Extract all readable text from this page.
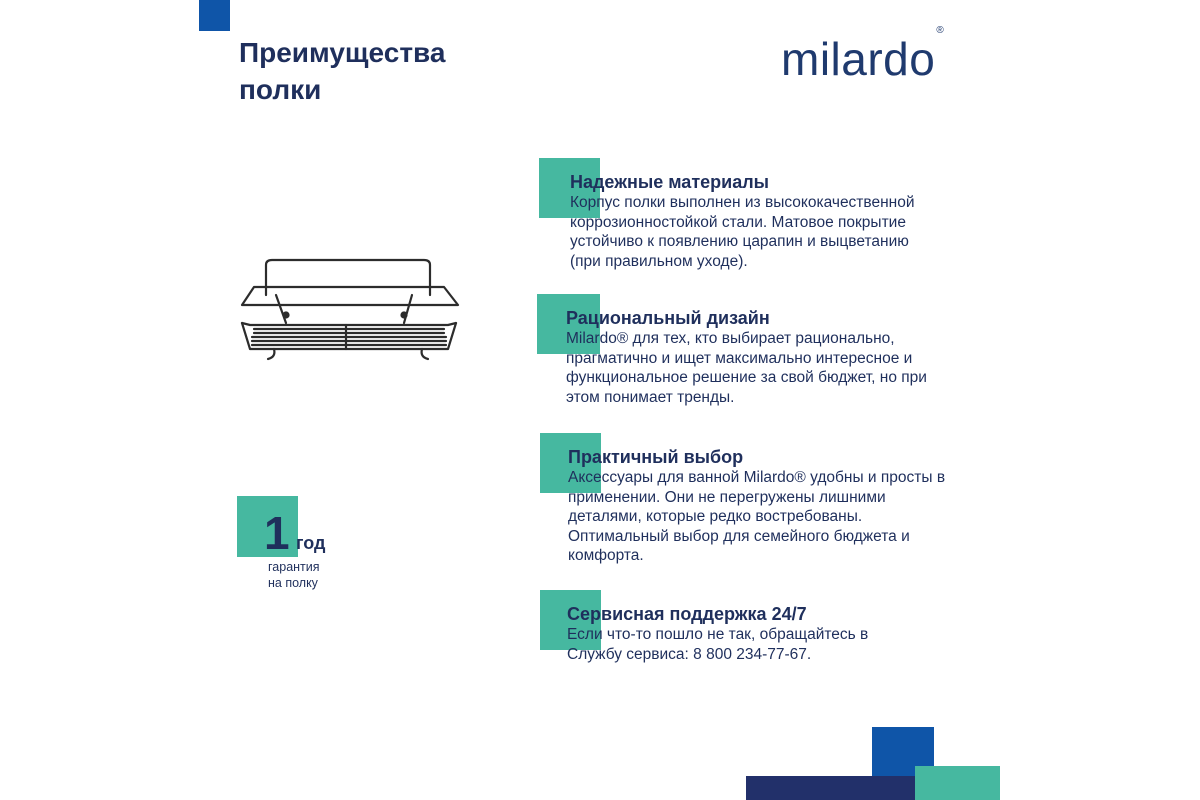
Преимущества
полки
milardo®
Надежные материалы
Корпус полки выполнен из высококачественной коррозионностойкой стали. Матовое покрытие устойчиво к появлению царапин и выцветанию (при правильном уходе).
Рациональный дизайн
Milardo® для тех, кто выбирает рационально, прагматично и ищет максимально интересное и функциональное решение за свой бюджет, но при этом понимает тренды.
Практичный выбор
Аксессуары для ванной Milardo® удобны и просты в применении. Они не перегружены лишними деталями, которые редко востребованы. Оптимальный выбор для семейного бюджета и комфорта.
Сервисная поддержка 24/7
Если что-то пошло не так, обращайтесь в Службу сервиса: 8 800 234-77-67.
1 год
гарантия
на полку
